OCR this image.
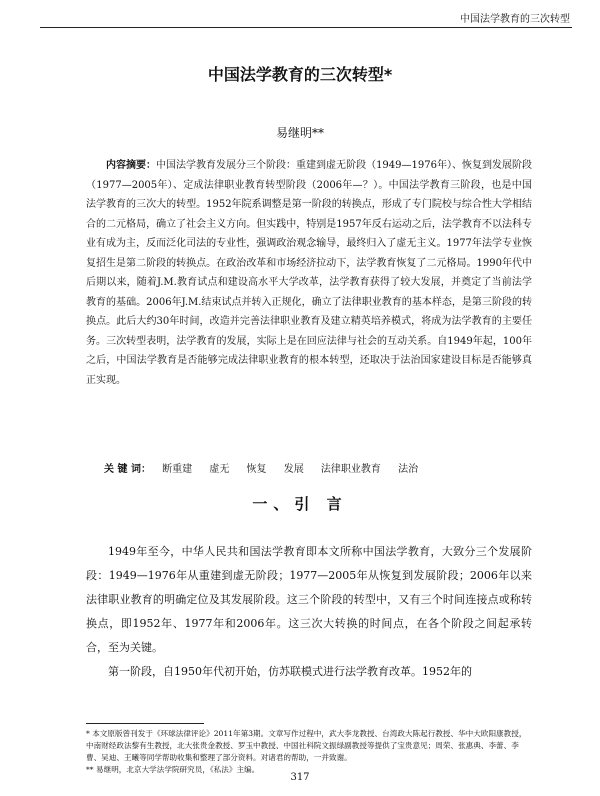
中国法学教育的三次转型
中国法学教育的三次转型*
易继明**
内容摘要：中国法学教育发展分三个阶段：重建到虚无阶段（1949—1976年）、恢复到发展阶段（1977—2005年）、定成法律职业教育转型阶段（2006年—？）。中国法学教育三阶段，也是中国法学教育的三次大的转型。1952年院系调整是第一阶段的转换点，形成了专门院校与综合性大学相结合的二元格局，确立了社会主义方向。但实践中，特别是1957年反右运动之后，法学教育不以法科专业有成为主，反而泛化司法的专业性，强调政治观念输导，最终归入了虚无主义。1977年法学专业恢复招生是第二阶段的转换点。在政治改革和市场经济拉动下，法学教育恢复了二元格局。1990年代中后期以来，随着J.M.教育试点和建设高水平大学改革，法学教育获得了较大发展，并奠定了当前法学教育的基础。2006年J.M.结束试点并转入正规化，确立了法律职业教育的基本样态，是第三阶段的转换点。此后大约30年时间，改造并完善法律职业教育及建立精英培养模式，将成为法学教育的主要任务。三次转型表明，法学教育的发展，实际上是在回应法律与社会的互动关系。自1949年起，100年之后，中国法学教育是否能够完成法律职业教育的根本转型，还取决于法治国家建设目标是否能够真正实现。
关 键 词： 断重建 虚无 恢复 发展 法律职业教育 法治
一、引 言

1949年至今，中华人民共和国法学教育即本文所称中国法学教育，大致分三个发展阶段：1949—1976年从重建到虚无阶段；1977—2005年从恢复到发展阶段；2006年以来法律职业教育的明确定位及其发展阶段。这三个阶段的转型中，又有三个时间连接点或称转换点，即1952年、1977年和2006年。这三次大转换的时间点，在各个阶段之间起承转合，至为关键。

第一阶段，自1950年代初开始，仿苏联模式进行法学教育改革。1952年的

* 本文原版曾刊发于《环球法律评论》2011年第3期。文章写作过程中，武大李龙教授、台湾政大陈起行教授、华中大欧阳康教授，中南财经政法黎有生教授，北大张贵金教授、罗玉中教授、中国社科院文振绿副教授等提供了宝贵意见；周荣、张惠典、李蕾、李曹、吴迪、王曦等同学帮助收集和整理了部分资料。对诸君的帮助，一并致谢。

** 易继明，北京大学法学院研究员，《私法》主编。

317
